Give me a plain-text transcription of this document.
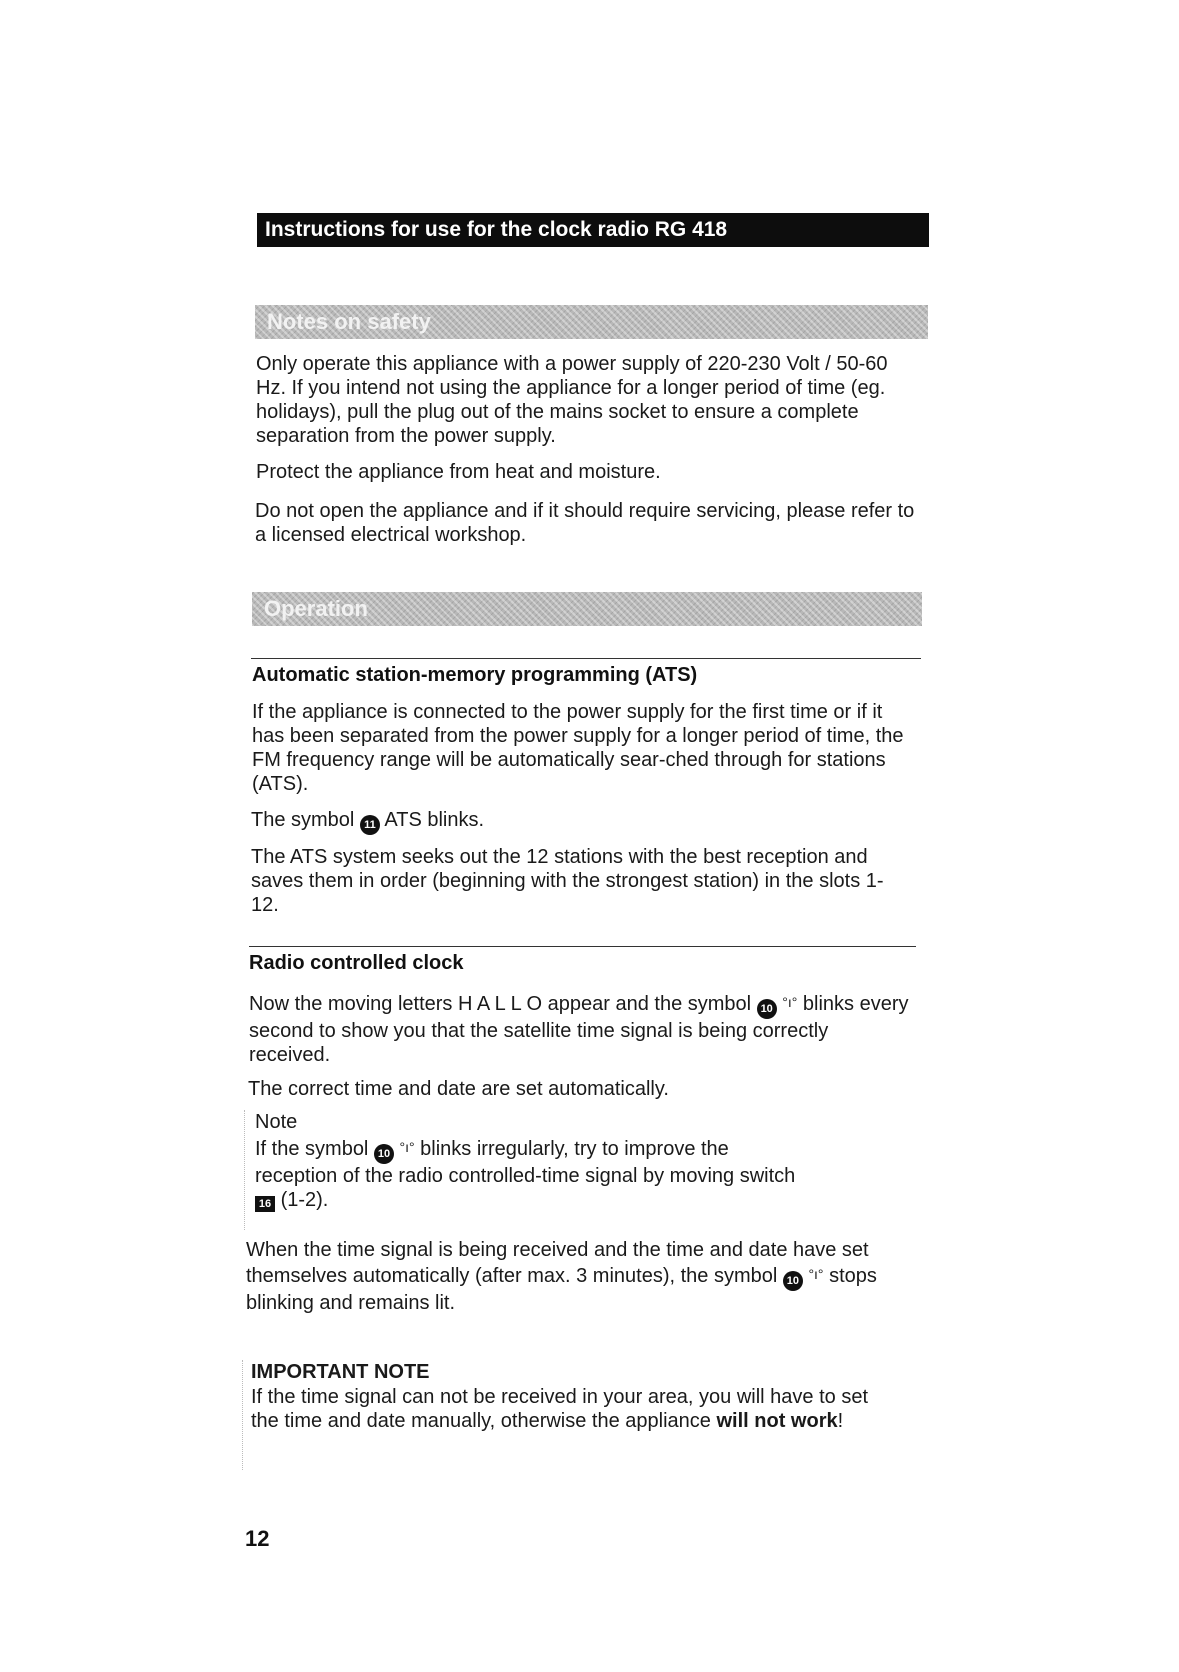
Instructions for use for the clock radio RG 418
Notes on safety

Only operate this appliance with a power supply of 220-230 Volt / 50-60 Hz. If you intend not using the appliance for a longer period of time (eg. holidays), pull the plug out of the mains socket to ensure a complete separation from the power supply.

Protect the appliance from heat and moisture.

Do not open the appliance and if it should require servicing, please refer to a licensed electrical workshop.

Operation
Automatic station-memory programming (ATS)

If the appliance is connected to the power supply for the first time or if it has been separated from the power supply for a longer period of time, the FM frequency range will be automatically sear-ched through for stations (ATS).

The symbol 11 ATS blinks.

The ATS system seeks out the 12 stations with the best reception and saves them in order (beginning with the strongest station) in the slots 1-12.

Radio controlled clock

Now the moving letters H A L L O appear and the symbol 10 °ı° blinks every second to show you that the satellite time signal is being correctly received.

The correct time and date are set automatically.

Note

If the symbol 10 °ı° blinks irregularly, try to improve the reception of the radio controlled-time signal by moving switch 16 (1-2).

When the time signal is being received and the time and date have set themselves automatically (after max. 3 minutes), the symbol 10 °ı° stops blinking and remains lit.

IMPORTANT NOTE

If the time signal can not be received in your area, you will have to set the time and date manually, otherwise the appliance will not work!

12
